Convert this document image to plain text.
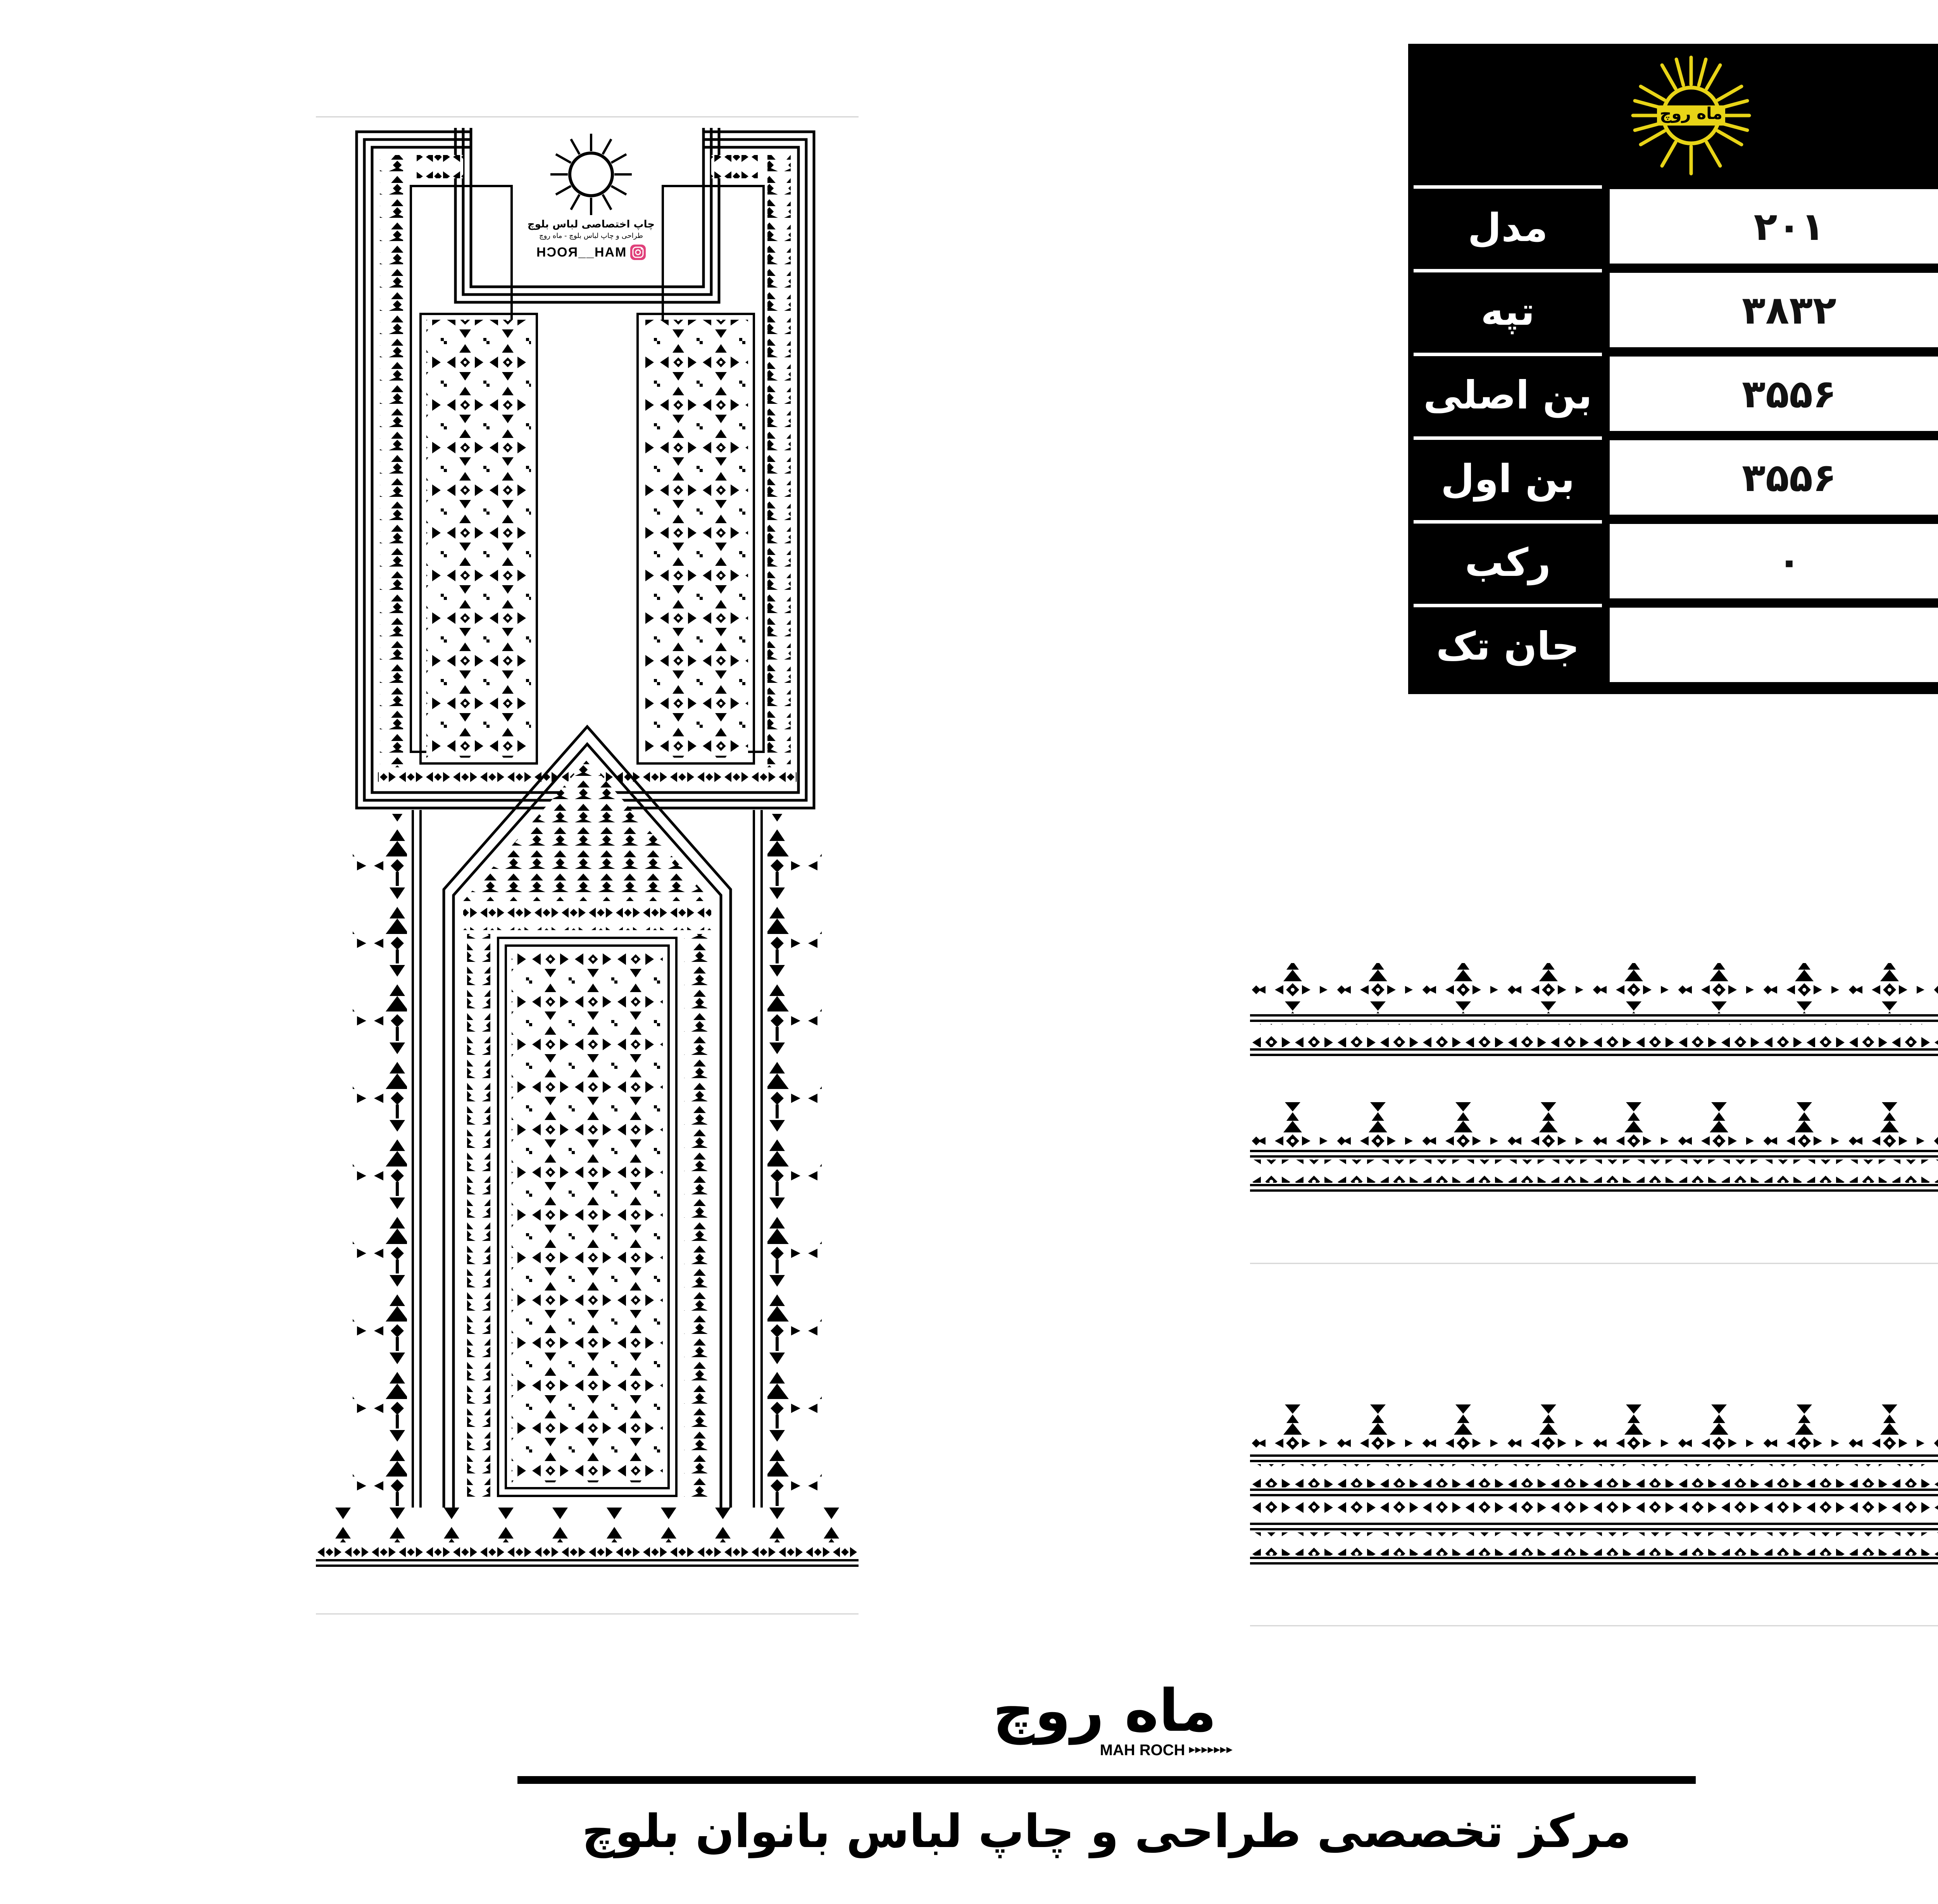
چاپ اختصاصی لباس بلوچ
طراحی و چاپ لباس بلوچ - ماه روچ
MAH__ROCH
ماه روچ
مدل	۲۰۱
تپه	۳۸۳۲
بن اصلی	۳۵۵۶
بن اول	۳۵۵۶
رکب	۰
جان تک
ماه روچ
MAH ROCH ▸▸▸▸▸▸▸
مرکز تخصصی طراحی و چاپ لباس بانوان بلوچ
